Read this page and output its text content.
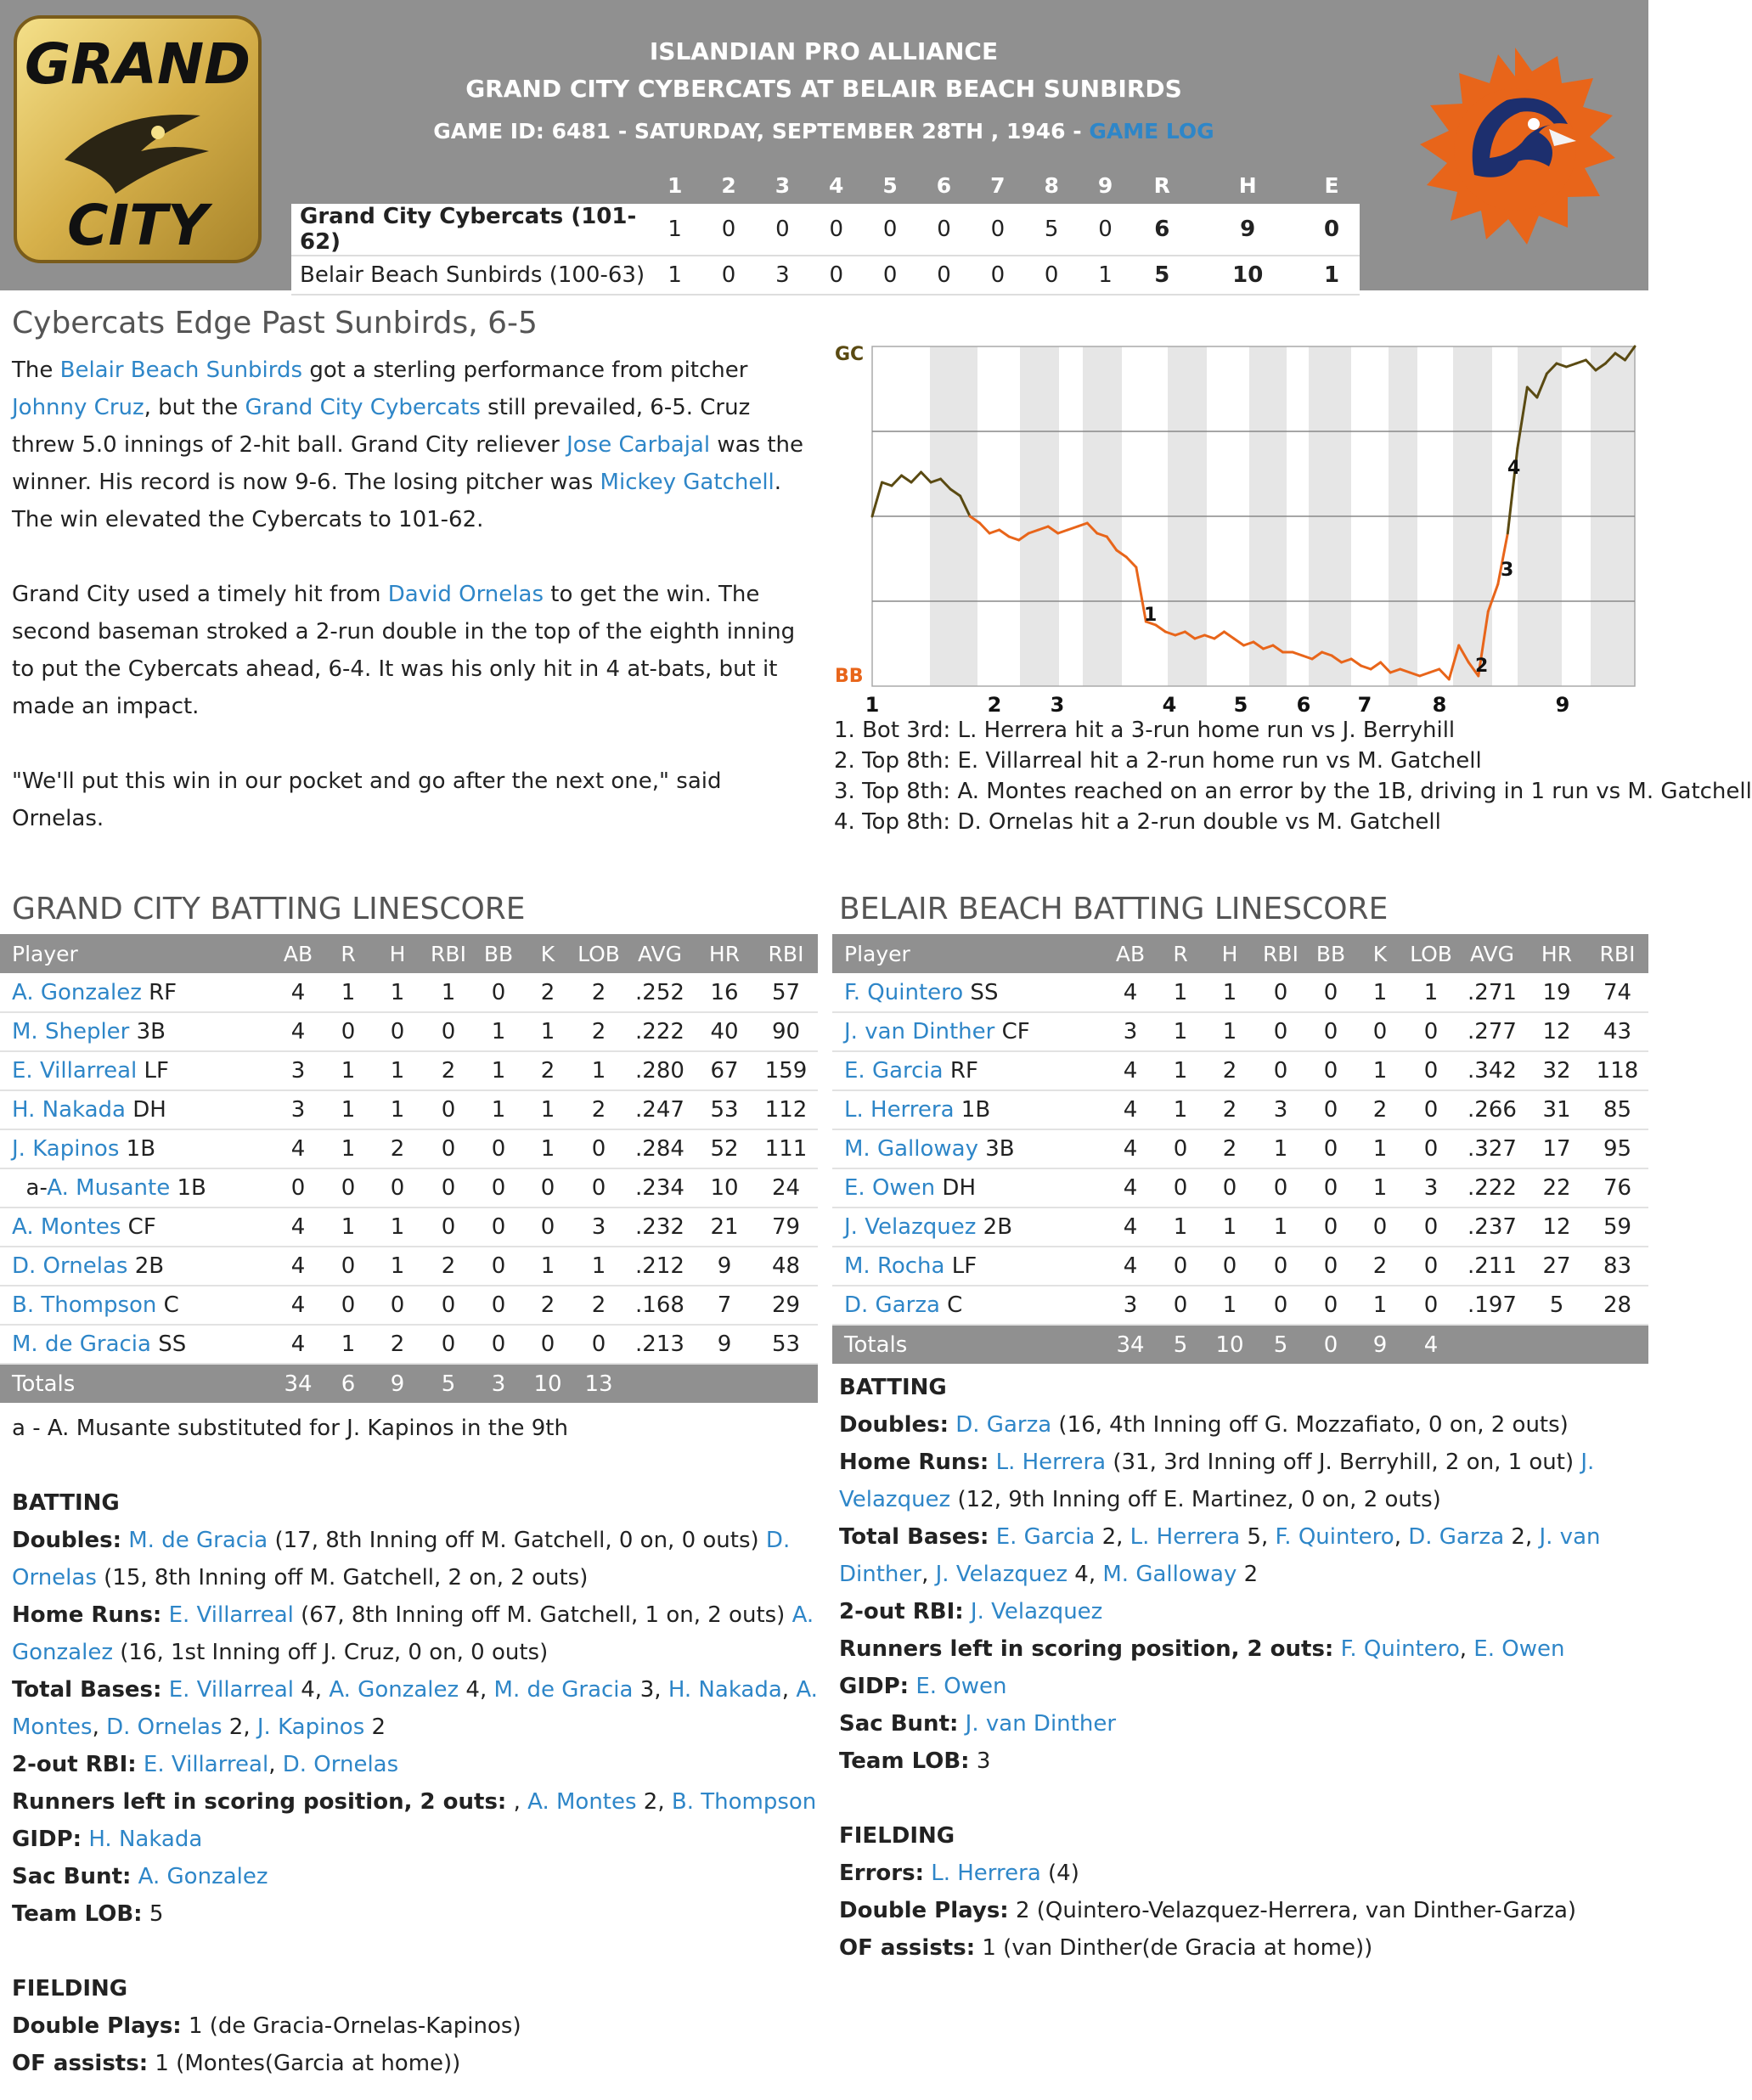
GRAND
CITY
ISLANDIAN PRO ALLIANCE
GRAND CITY CYBERCATS AT BELAIR BEACH SUNBIRDS
GAME ID: 6481 - SATURDAY, SEPTEMBER 28TH , 1946 - GAME LOG
	1	2	3	4	5	6	7	8	9	R	H	E
Grand City Cybercats (101-62)	1	0	0	0	0	0	0	5	0	6	9	0
Belair Beach Sunbirds (100-63)	1	0	3	0	0	0	0	0	1	5	10	1
Cybercats Edge Past Sunbirds, 6-5

The Belair Beach Sunbirds got a sterling performance from pitcher Johnny Cruz, but the Grand City Cybercats still prevailed, 6-5. Cruz threw 5.0 innings of 2-hit ball. Grand City reliever Jose Carbajal was the winner. His record is now 9-6. The losing pitcher was Mickey Gatchell. The win elevated the Cybercats to 101-62.

Grand City used a timely hit from David Ornelas to get the win. The second baseman stroked a 2-run double in the top of the eighth inning to put the Cybercats ahead, 6-4. It was his only hit in 4 at-bats, but it made an impact.

"We'll put this win in our pocket and go after the next one," said Ornelas.

GC
BB
1	2 3	4	5 6 7	8	9
1
2
3
4
1. Bot 3rd: L. Herrera hit a 3-run home run vs J. Berryhill
2. Top 8th: E. Villarreal hit a 2-run home run vs M. Gatchell
3. Top 8th: A. Montes reached on an error by the 1B, driving in 1 run vs M. Gatchell
4. Top 8th: D. Ornelas hit a 2-run double vs M. Gatchell
GRAND CITY BATTING LINESCORE	BELAIR BEACH BATTING LINESCORE
Player	AB	R	H	RBI	BB	K	LOB	AVG	HR	RBI
A. Gonzalez RF	4	1	1	1	0	2	2	.252	16	57
M. Shepler 3B	4	0	0	0	1	1	2	.222	40	90
E. Villarreal LF	3	1	1	2	1	2	1	.280	67	159
H. Nakada DH	3	1	1	0	1	1	2	.247	53	112
J. Kapinos 1B	4	1	2	0	0	1	0	.284	52	111
a-A. Musante 1B	0	0	0	0	0	0	0	.234	10	24
A. Montes CF	4	1	1	0	0	0	3	.232	21	79
D. Ornelas 2B	4	0	1	2	0	1	1	.212	9	48
B. Thompson C	4	0	0	0	0	2	2	.168	7	29
M. de Gracia SS	4	1	2	0	0	0	0	.213	9	53
Totals	34	6	9	5	3	10	13			
Player	AB	R	H	RBI	BB	K	LOB	AVG	HR	RBI
F. Quintero SS	4	1	1	0	0	1	1	.271	19	74
J. van Dinther CF	3	1	1	0	0	0	0	.277	12	43
E. Garcia RF	4	1	2	0	0	1	0	.342	32	118
L. Herrera 1B	4	1	2	3	0	2	0	.266	31	85
M. Galloway 3B	4	0	2	1	0	1	0	.327	17	95
E. Owen DH	4	0	0	0	0	1	3	.222	22	76
J. Velazquez 2B	4	1	1	1	0	0	0	.237	12	59
M. Rocha LF	4	0	0	0	0	2	0	.211	27	83
D. Garza C	3	0	1	0	0	1	0	.197	5	28
Totals	34	5	10	5	0	9	4			
a - A. Musante substituted for J. Kapinos in the 9th
BATTING
Doubles: M. de Gracia (17, 8th Inning off M. Gatchell, 0 on, 0 outs) D. Ornelas (15, 8th Inning off M. Gatchell, 2 on, 2 outs)
Home Runs: E. Villarreal (67, 8th Inning off M. Gatchell, 1 on, 2 outs) A. Gonzalez (16, 1st Inning off J. Cruz, 0 on, 0 outs)
Total Bases: E. Villarreal 4, A. Gonzalez 4, M. de Gracia 3, H. Nakada, A. Montes, D. Ornelas 2, J. Kapinos 2
2-out RBI: E. Villarreal, D. Ornelas
Runners left in scoring position, 2 outs: , A. Montes 2, B. Thompson
GIDP: H. Nakada
Sac Bunt: A. Gonzalez
Team LOB: 5
FIELDING
Double Plays: 1 (de Gracia-Ornelas-Kapinos)
OF assists: 1 (Montes(Garcia at home))
BATTING
Doubles: D. Garza (16, 4th Inning off G. Mozzafiato, 0 on, 2 outs)
Home Runs: L. Herrera (31, 3rd Inning off J. Berryhill, 2 on, 1 out) J. Velazquez (12, 9th Inning off E. Martinez, 0 on, 2 outs)
Total Bases: E. Garcia 2, L. Herrera 5, F. Quintero, D. Garza 2, J. van Dinther, J. Velazquez 4, M. Galloway 2
2-out RBI: J. Velazquez
Runners left in scoring position, 2 outs: F. Quintero, E. Owen
GIDP: E. Owen
Sac Bunt: J. van Dinther
Team LOB: 3
FIELDING
Errors: L. Herrera (4)
Double Plays: 2 (Quintero-Velazquez-Herrera, van Dinther-Garza)
OF assists: 1 (van Dinther(de Gracia at home))
